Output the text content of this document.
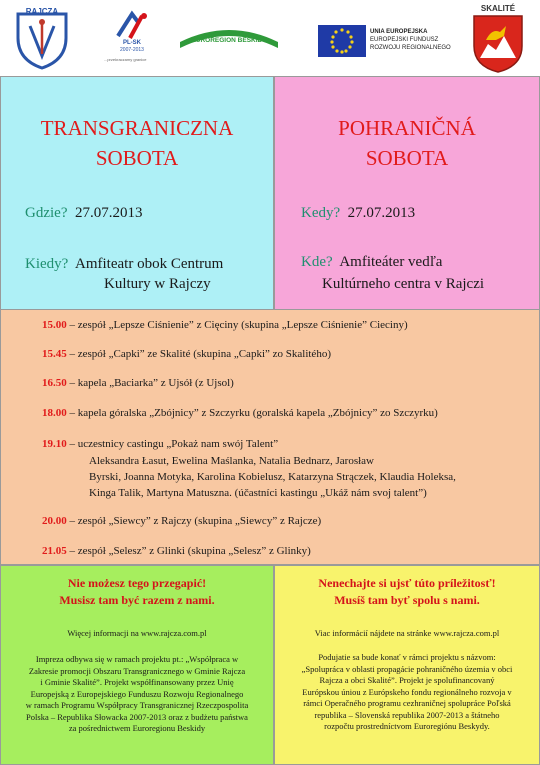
RAJCZA
PL-SK
2007-2013
...przekraczamy granice
EUROREGION BESKIDY
UNIA EUROPEJSKA
EUROPEJSKI FUNDUSZ
ROZWOJU REGIONALNEGO
SKALITÉ
TRANSGRANICZNA
SOBOTA
Gdzie? 27.07.2013
Kiedy? Amfiteatr obok Centrum
Kultury w Rajczy
POHRANIČNÁ
SOBOTA
Kedy? 27.07.2013
Kde? Amfiteáter vedľa
Kultúrneho centra v Rajczi
15.00 – zespół „Lepsze Ciśnienie” z Cięciny (skupina „Lepsze Ciśnienie” Cieciny)
15.45 – zespół „Capki” ze Skalité (skupina „Capki” zo Skalitého)
16.50 – kapela „Baciarka” z Ujsół (z Ujsol)
18.00 – kapela góralska „Zbójnicy” z Szczyrku (goralská kapela „Zbójnicy” zo Szczyrku)
19.10 – uczestnicy castingu „Pokaż nam swój Talent”
Aleksandra Łasut, Ewelina Maślanka, Natalia Bednarz, Jarosław
Byrski, Joanna Motyka, Karolina Kobielusz, Katarzyna Strączek, Klaudia Holeksa,
Kinga Talik, Martyna Matuszna. (účastníci kastingu „Ukáž nám svoj talent”)
20.00 – zespół „Siewcy” z Rajczy (skupina „Siewcy” z Rajcze)
21.05 – zespół „Selesz” z Glinki (skupina „Selesz” z Glinky)
Nie możesz tego przegapić!
Musisz tam być razem z nami.
Więcej informacji na www.rajcza.com.pl
Impreza odbywa się w ramach projektu pt.: „Współpraca w
Zakresie promocji Obszaru Transgranicznego w Gminie Rajcza
i Gminie Skalité”. Projekt współfinansowany przez Unię
Europejską z Europejskiego Funduszu Rozwoju Regionalnego
w ramach Programu Współpracy Transgranicznej Rzeczpospolita
Polska – Republika Słowacka 2007-2013 oraz z budżetu państwa
za pośrednictwem Euroregionu Beskidy
Nenechajte si ujsť túto príležitosť!
Musíš tam byť spolu s nami.
Viac informácií nájdete na stránke www.rajcza.com.pl
Podujatie sa bude konať v rámci projektu s názvom:
„Spolupráca v oblasti propagácie pohraničného územia v obci
Rajcza a obci Skalité”. Projekt je spolufinancovaný
Európskou úniou z Európskeho fondu regionálneho rozvoja v
rámci Operačného programu cezhraničnej spolupráce Poľská
republika – Slovenská republika 2007-2013 a štátneho
rozpočtu prostredníctvom Euroregiónu Beskydy.
